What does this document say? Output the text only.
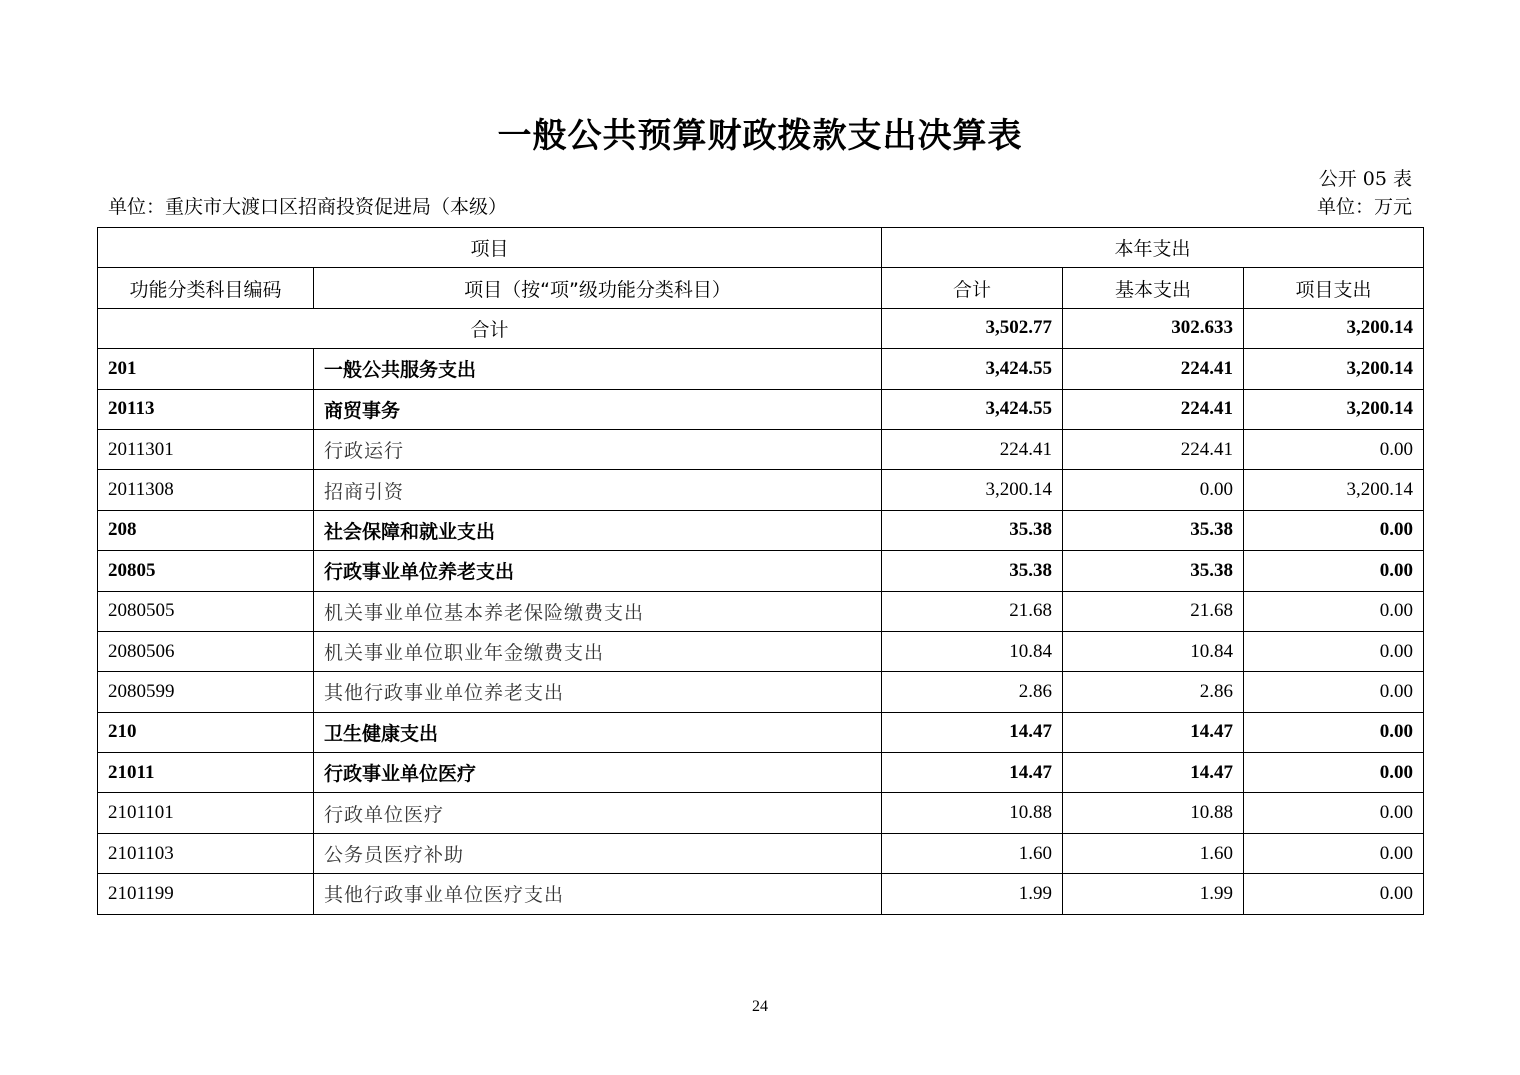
一般公共预算财政拨款支出决算表
公开 05 表
单位：重庆市大渡口区招商投资促进局（本级）	单位：万元
项目		本年支出		
功能分类科目编码	项目（按“项”级功能分类科目）	合计	基本支出	项目支出
合计		3,502.77	302.633	3,200.14
201	一般公共服务支出	3,424.55	224.41	3,200.14
20113	商贸事务	3,424.55	224.41	3,200.14
2011301	行政运行	224.41	224.41	0.00
2011308	招商引资	3,200.14	0.00	3,200.14
208	社会保障和就业支出	35.38	35.38	0.00
20805	行政事业单位养老支出	35.38	35.38	0.00
2080505	机关事业单位基本养老保险缴费支出	21.68	21.68	0.00
2080506	机关事业单位职业年金缴费支出	10.84	10.84	0.00
2080599	其他行政事业单位养老支出	2.86	2.86	0.00
210	卫生健康支出	14.47	14.47	0.00
21011	行政事业单位医疗	14.47	14.47	0.00
2101101	行政单位医疗	10.88	10.88	0.00
2101103	公务员医疗补助	1.60	1.60	0.00
2101199	其他行政事业单位医疗支出	1.99	1.99	0.00
24
